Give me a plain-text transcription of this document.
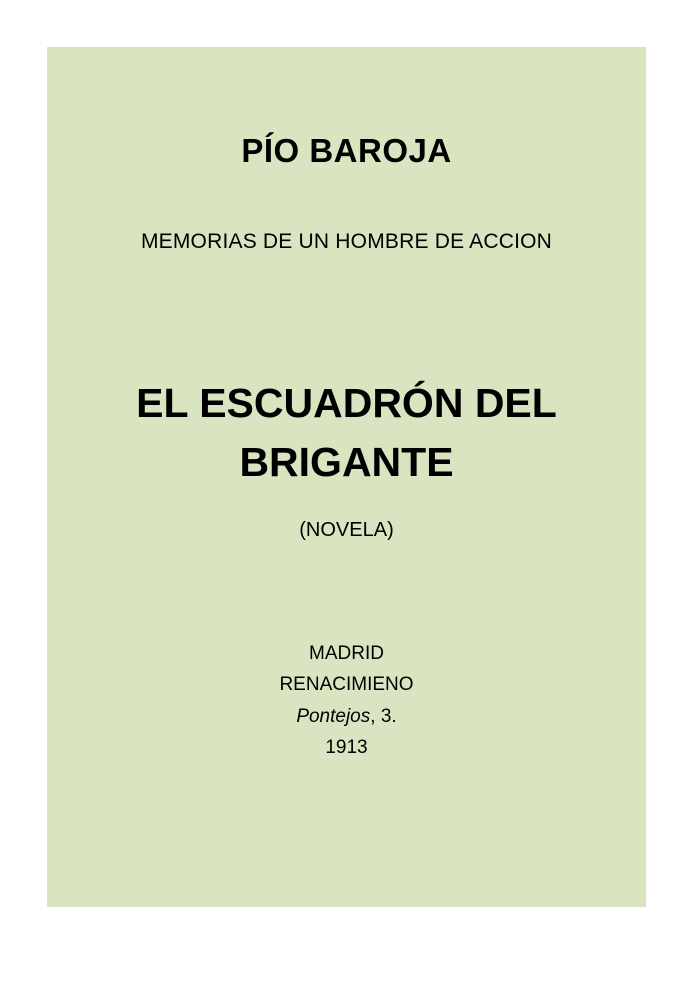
PÍO BAROJA
MEMORIAS DE UN HOMBRE DE ACCION
EL ESCUADRÓN DEL BRIGANTE
(NOVELA)
MADRID
RENACIMIENO
Pontejos, 3.
1913
